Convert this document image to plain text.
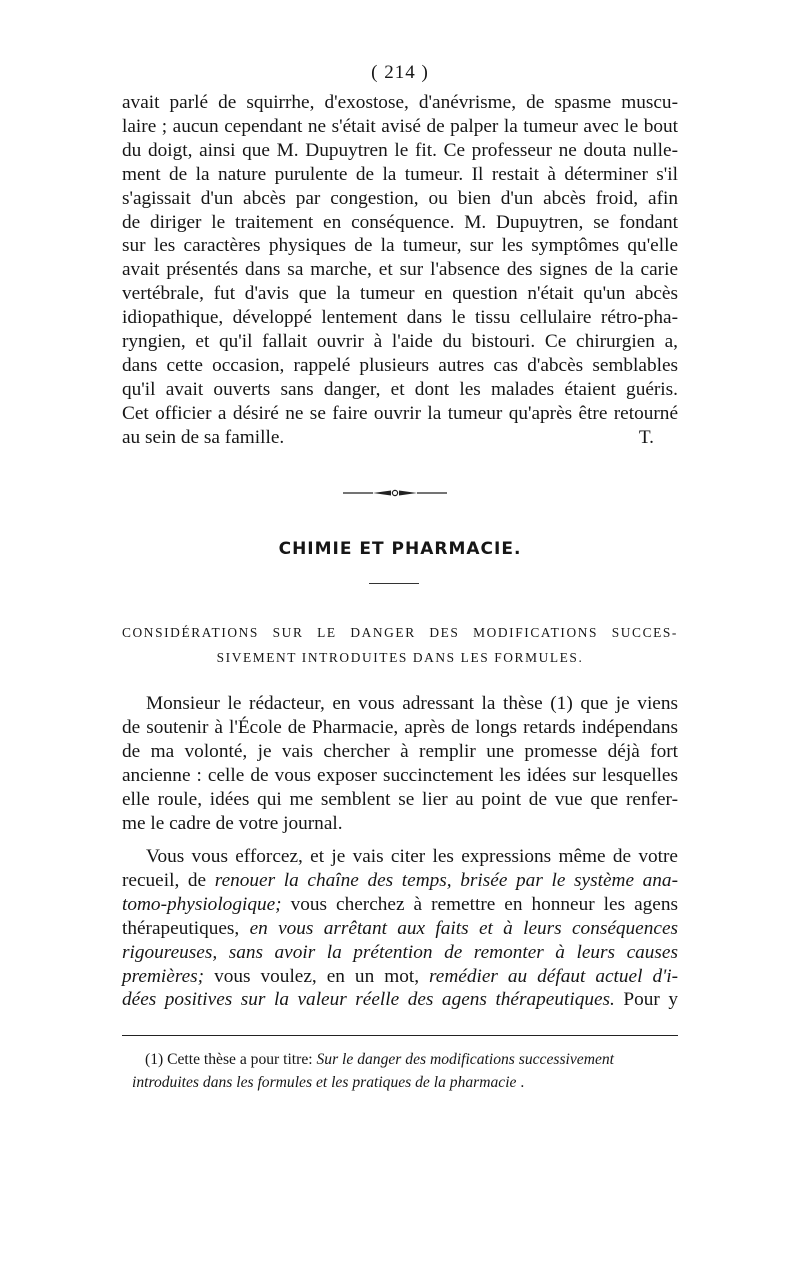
( 214 )
avait parlé de squirrhe, d'exostose, d'anévrisme, de spasme muscu-
laire ; aucun cependant ne s'était avisé de palper la tumeur avec le bout
du doigt, ainsi que M. Dupuytren le fit. Ce professeur ne douta nulle-
ment de la nature purulente de la tumeur. Il restait à déterminer s'il
s'agissait d'un abcès par congestion, ou bien d'un abcès froid, afin
de diriger le traitement en conséquence. M. Dupuytren, se fondant
sur les caractères physiques de la tumeur, sur les symptômes qu'elle
avait présentés dans sa marche, et sur l'absence des signes de la carie
vertébrale, fut d'avis que la tumeur en question n'était qu'un abcès
idiopathique, développé lentement dans le tissu cellulaire rétro-pha-
ryngien, et qu'il fallait ouvrir à l'aide du bistouri. Ce chirurgien a,
dans cette occasion, rappelé plusieurs autres cas d'abcès semblables
qu'il avait ouverts sans danger, et dont les malades étaient guéris.
Cet officier a désiré ne se faire ouvrir la tumeur qu'après être retourné
au sein de sa famille.	T.
CHIMIE ET PHARMACIE.
CONSIDÉRATIONS SUR LE DANGER DES MODIFICATIONS SUCCES-
SIVEMENT INTRODUITES DANS LES FORMULES.
Monsieur le rédacteur, en vous adressant la thèse (1) que je viens
de soutenir à l'École de Pharmacie, après de longs retards indépendans
de ma volonté, je vais chercher à remplir une promesse déjà fort
ancienne : celle de vous exposer succinctement les idées sur lesquelles
elle roule, idées qui me semblent se lier au point de vue que renfer-
me le cadre de votre journal.
Vous vous efforcez, et je vais citer les expressions même de votre
recueil, de renouer la chaîne des temps, brisée par le système ana-
tomo-physiologique; vous cherchez à remettre en honneur les agens
thérapeutiques, en vous arrêtant aux faits et à leurs conséquences
rigoureuses, sans avoir la prétention de remonter à leurs causes
premières; vous voulez, en un mot, remédier au défaut actuel d'i-
dées positives sur la valeur réelle des agens thérapeutiques. Pour y
(1) Cette thèse a pour titre: Sur le danger des modifications successivement
introduites dans les formules et les pratiques de la pharmacie .
